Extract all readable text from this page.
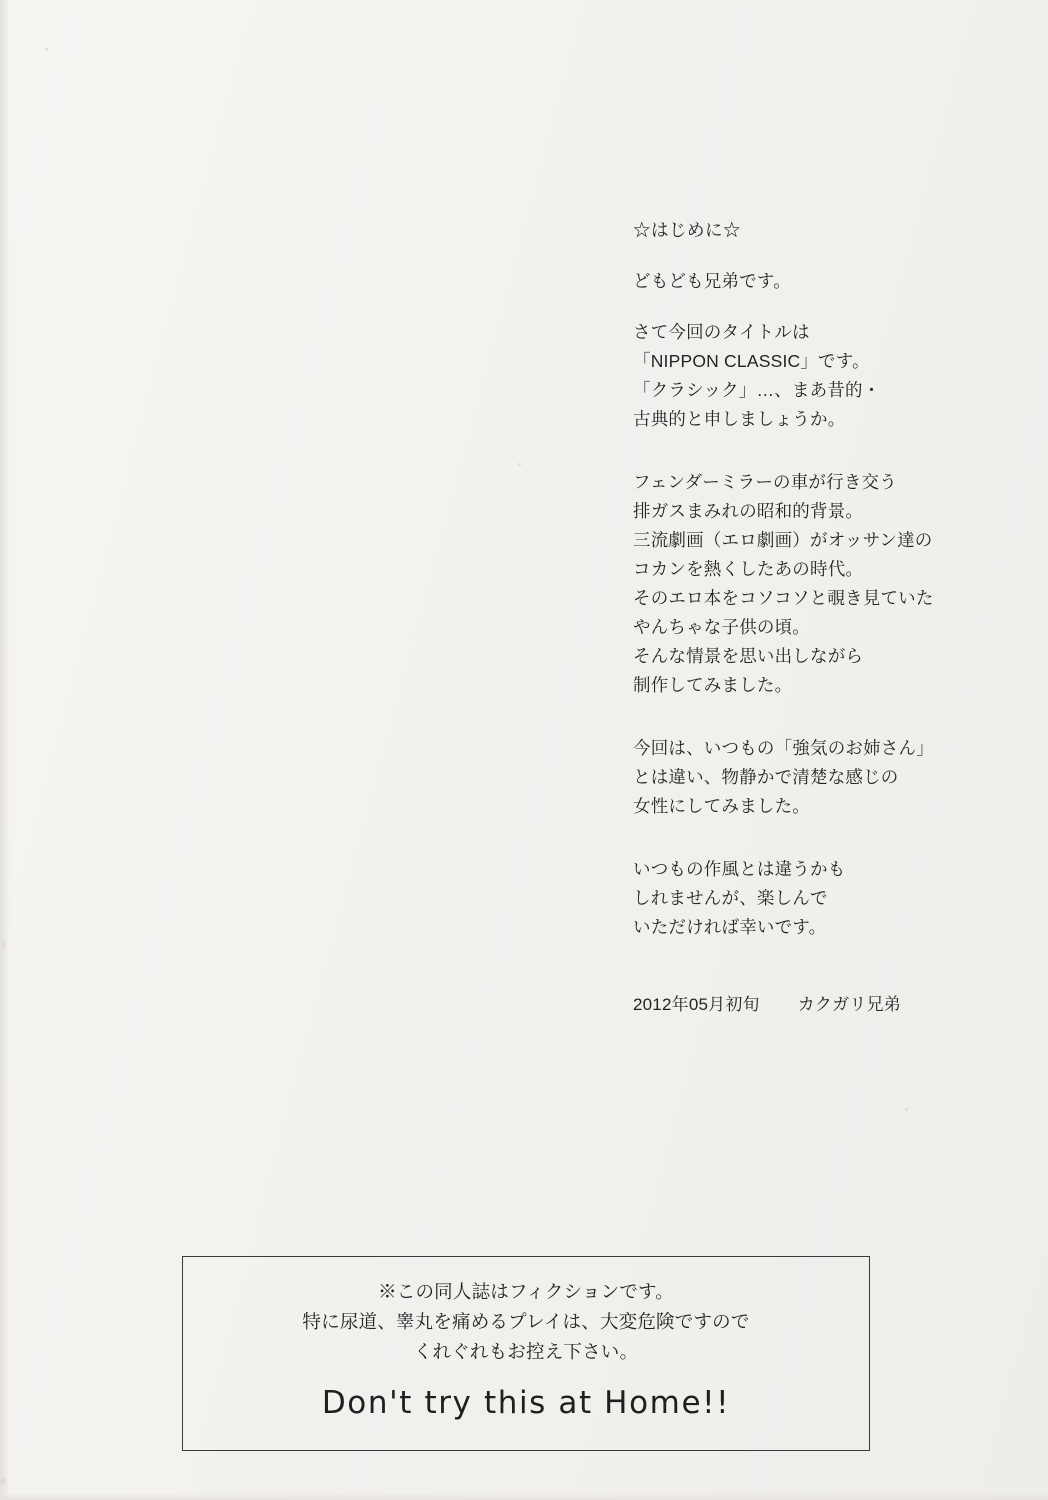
☆はじめに☆
どもども兄弟です。
さて今回のタイトルは
「NIPPON CLASSIC」です。
「クラシック」…、まあ昔的・
古典的と申しましょうか。
フェンダーミラーの車が行き交う
排ガスまみれの昭和的背景。
三流劇画（エロ劇画）がオッサン達の
コカンを熱くしたあの時代。
そのエロ本をコソコソと覗き見ていた
やんちゃな子供の頃。
そんな情景を思い出しながら
制作してみました。
今回は、いつもの「強気のお姉さん」
とは違い、物静かで清楚な感じの
女性にしてみました。
いつもの作風とは違うかも
しれませんが、楽しんで
いただければ幸いです。
2012年05月初旬 カクガリ兄弟
※この同人誌はフィクションです。
特に尿道、睾丸を痛めるプレイは、大変危険ですので
くれぐれもお控え下さい。
Don't try this at Home!!
